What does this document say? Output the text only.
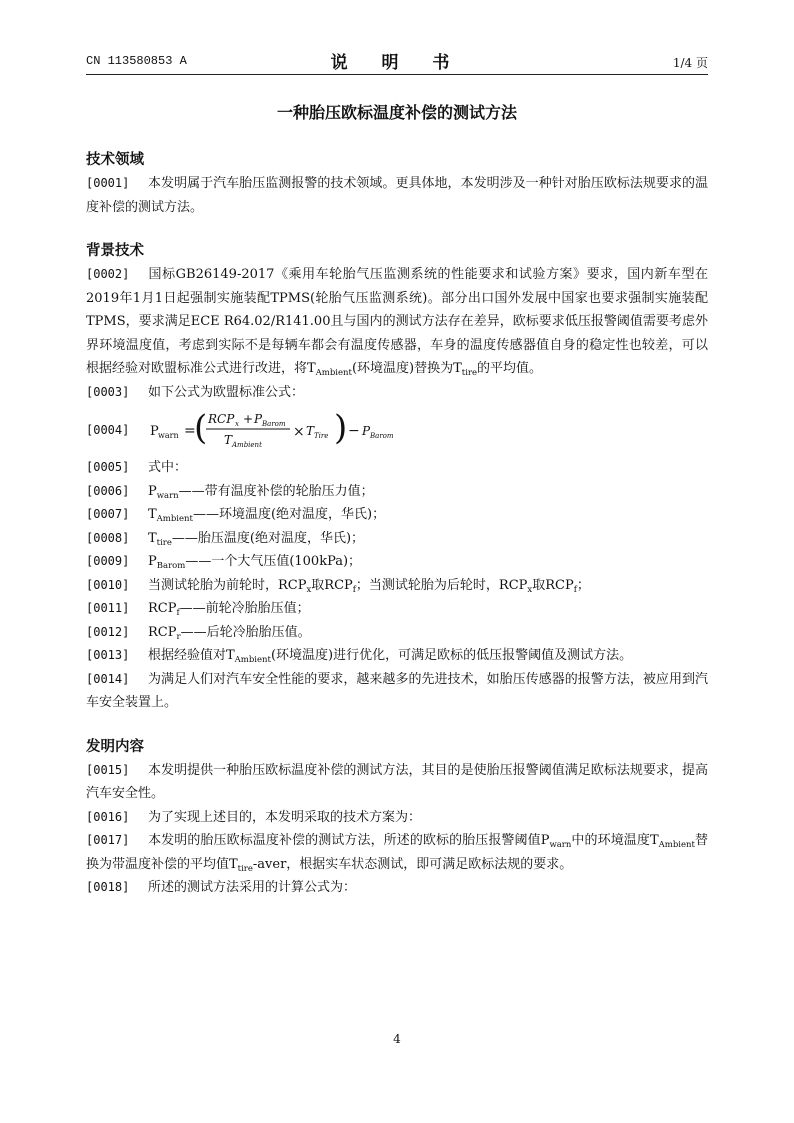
CN 113580853 A	说 明 书	1/4 页
一种胎压欧标温度补偿的测试方法
技术领域
[0001] 本发明属于汽车胎压监测报警的技术领域。更具体地，本发明涉及一种针对胎压欧标法规要求的温度补偿的测试方法。
背景技术
[0002] 国标GB26149-2017《乘用车轮胎气压监测系统的性能要求和试验方案》要求，国内新车型在2019年1月1日起强制实施装配TPMS(轮胎气压监测系统)。部分出口国外发展中国家也要求强制实施装配TPMS，要求满足ECE R64.02/R141.00且与国内的测试方法存在差异，欧标要求低压报警阈值需要考虑外界环境温度值，考虑到实际不是每辆车都会有温度传感器，车身的温度传感器值自身的稳定性也较差，可以根据经验对欧盟标准公式进行改进，将$T_{Ambient}$(环境温度)替换为$T_{tire}$的平均值。
[0003] 如下公式为欧盟标准公式：
[0004]	P warn =
( RCP x + P Barom
T Ambient
× T Tire ) − P Barom
[0005] 式中：
[0006] $P_{warn}——$带有温度补偿的轮胎压力值；
[0007] $T_{Ambient}——$环境温度(绝对温度，华氏)；
[0008] $T_{tire}——$胎压温度(绝对温度，华氏)；
[0009] $P_{Barom}——$一个大气压值(100kPa)；
[0010] 当测试轮胎为前轮时，$RCP_x$取$RCP_f$；当测试轮胎为后轮时，$RCP_x$取$RCP_f$；
[0011] $RCP_f——$前轮冷胎胎压值；
[0012] $RCP_r——$后轮冷胎胎压值。
[0013] 根据经验值对$T_{Ambient}$(环境温度)进行优化，可满足欧标的低压报警阈值及测试方法。
[0014] 为满足人们对汽车安全性能的要求，越来越多的先进技术，如胎压传感器的报警方法，被应用到汽车安全装置上。
发明内容
[0015] 本发明提供一种胎压欧标温度补偿的测试方法，其目的是使胎压报警阈值满足欧标法规要求，提高汽车安全性。
[0016] 为了实现上述目的，本发明采取的技术方案为：
[0017] 本发明的胎压欧标温度补偿的测试方法，所述的欧标的胎压报警阈值$P_{warn}$中的环境温度$T_{Ambient}$替换为带温度补偿的平均值$T_{tire}$-aver，根据实车状态测试，即可满足欧标法规的要求。
[0018] 所述的测试方法采用的计算公式为：
4
